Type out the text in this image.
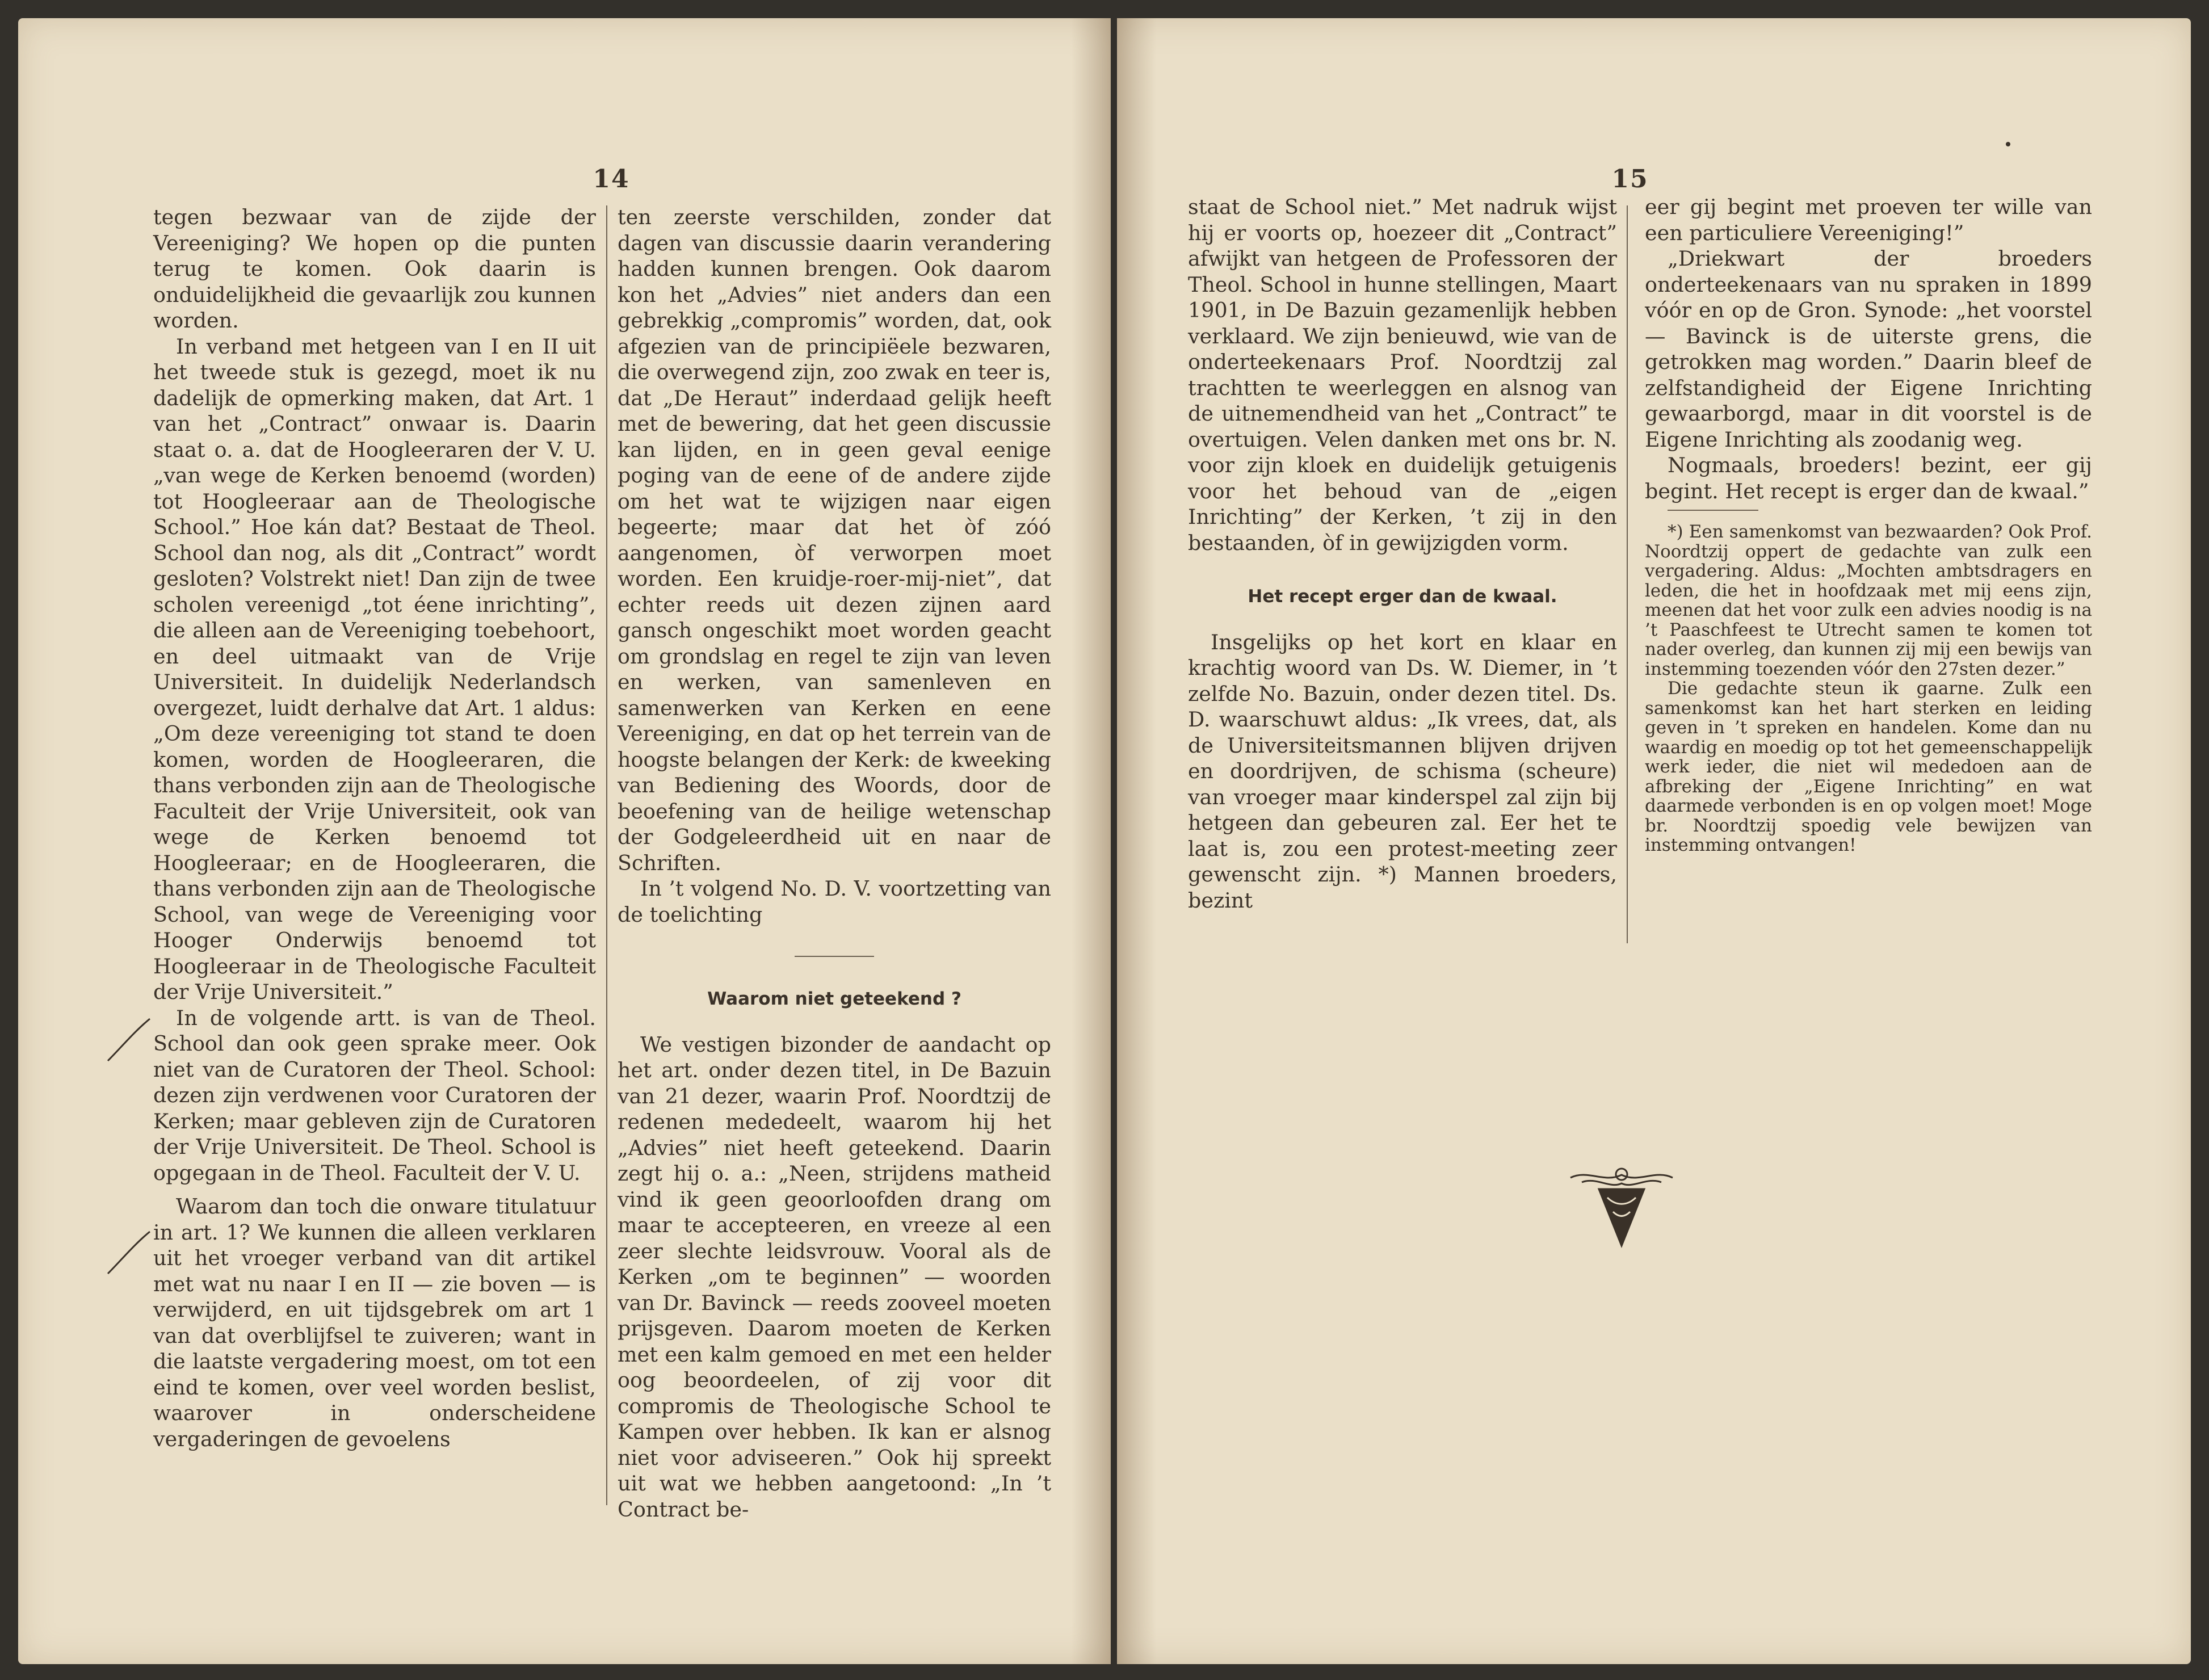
14

tegen bezwaar van de zijde der Vereeniging? We hopen op die punten terug te komen. Ook daarin is onduidelijkheid die gevaarlijk zou kunnen worden.

In verband met hetgeen van I en II uit het tweede stuk is gezegd, moet ik nu dadelijk de opmerking maken, dat Art. 1 van het „Contract” onwaar is. Daarin staat o. a. dat de Hoogleeraren der V. U. „van wege de Kerken benoemd (worden) tot Hoogleeraar aan de Theologische School.” Hoe kán dat? Bestaat de Theol. School dan nog, als dit „Contract” wordt gesloten? Volstrekt niet! Dan zijn de twee scholen vereenigd „tot éene inrichting”, die alleen aan de Vereeniging toebehoort, en deel uitmaakt van de Vrije Universiteit. In duidelijk Nederlandsch overgezet, luidt derhalve dat Art. 1 aldus: „Om deze vereeniging tot stand te doen komen, worden de Hoogleeraren, die thans verbonden zijn aan de Theologische Faculteit der Vrije Universiteit, ook van wege de Kerken benoemd tot Hoogleeraar; en de Hoogleeraren, die thans verbonden zijn aan de Theologische School, van wege de Vereeniging voor Hooger Onderwijs benoemd tot Hoogleeraar in de Theologische Faculteit der Vrije Universiteit.”

In de volgende artt. is van de Theol. School dan ook geen sprake meer. Ook niet van de Curatoren der Theol. School: dezen zijn verdwenen voor Curatoren der Kerken; maar gebleven zijn de Curatoren der Vrije Universiteit. De Theol. School is opgegaan in de Theol. Faculteit der V. U.

Waarom dan toch die onware titulatuur in art. 1? We kunnen die alleen verklaren uit het vroeger verband van dit artikel met wat nu naar I en II — zie boven — is verwijderd, en uit tijdsgebrek om art 1 van dat overblijfsel te zuiveren; want in die laatste vergadering moest, om tot een eind te komen, over veel worden beslist, waarover in onderscheidene vergaderingen de gevoelens

ten zeerste verschilden, zonder dat dagen van discussie daarin verandering hadden kunnen brengen. Ook daarom kon het „Advies” niet anders dan een gebrekkig „compromis” worden, dat, ook afgezien van de principiëele bezwaren, die overwegend zijn, zoo zwak en teer is, dat „De Heraut” inderdaad gelijk heeft met de bewering, dat het geen discussie kan lijden, en in geen geval eenige poging van de eene of de andere zijde om het wat te wijzigen naar eigen begeerte; maar dat het òf zóó aangenomen, òf verworpen moet worden. Een kruidje-roer-mij-niet”, dat echter reeds uit dezen zijnen aard gansch ongeschikt moet worden geacht om grondslag en regel te zijn van leven en werken, van samenleven en samenwerken van Kerken en eene Vereeniging, en dat op het terrein van de hoogste belangen der Kerk: de kweeking van Bediening des Woords, door de beoefening van de heilige wetenschap der Godgeleerdheid uit en naar de Schriften.

In ’t volgend No. D. V. voortzetting van de toelichting

Waarom niet geteekend ?

We vestigen bizonder de aandacht op het art. onder dezen titel, in De Bazuin van 21 dezer, waarin Prof. Noordtzij de redenen mededeelt, waarom hij het „Advies” niet heeft geteekend. Daarin zegt hij o. a.: „Neen, strijdens matheid vind ik geen geoorloofden drang om maar te accepteeren, en vreeze al een zeer slechte leidsvrouw. Vooral als de Kerken „om te beginnen” — woorden van Dr. Bavinck — reeds zooveel moeten prijsgeven. Daarom moeten de Kerken met een kalm gemoed en met een helder oog beoordeelen, of zij voor dit compromis de Theologische School te Kampen over hebben. Ik kan er alsnog niet voor adviseeren.” Ook hij spreekt uit wat we hebben aangetoond: „In ’t Contract be-

15

staat de School niet.” Met nadruk wijst hij er voorts op, hoezeer dit „Contract” afwijkt van hetgeen de Professoren der Theol. School in hunne stellingen, Maart 1901, in De Bazuin gezamenlijk hebben verklaard. We zijn benieuwd, wie van de onderteekenaars Prof. Noordtzij zal trachtten te weerleggen en alsnog van de uitnemendheid van het „Contract” te overtuigen. Velen danken met ons br. N. voor zijn kloek en duidelijk getuigenis voor het behoud van de „eigen Inrichting” der Kerken, ’t zij in den bestaanden, òf in gewijzigden vorm.

Het recept erger dan de kwaal.

Insgelijks op het kort en klaar en krachtig woord van Ds. W. Diemer, in ’t zelfde No. Bazuin, onder dezen titel. Ds. D. waarschuwt aldus: „Ik vrees, dat, als de Universiteitsmannen blijven drijven en doordrijven, de schisma (scheure) van vroeger maar kinderspel zal zijn bij hetgeen dan gebeuren zal. Eer het te laat is, zou een protest-meeting zeer gewenscht zijn. *) Mannen broeders, bezint

eer gij begint met proeven ter wille van een particuliere Vereeniging!”

„Driekwart der broeders onderteekenaars van nu spraken in 1899 vóór en op de Gron. Synode: „het voorstel— Bavinck is de uiterste grens, die getrokken mag worden.” Daarin bleef de zelfstandigheid der Eigene Inrichting gewaarborgd, maar in dit voorstel is de Eigene Inrichting als zoodanig weg.

Nogmaals, broeders! bezint, eer gij begint. Het recept is erger dan de kwaal.”

*) Een samenkomst van bezwaarden? Ook Prof. Noordtzij oppert de gedachte van zulk een vergadering. Aldus: „Mochten ambtsdragers en leden, die het in hoofdzaak met mij eens zijn, meenen dat het voor zulk een advies noodig is na ’t Paaschfeest te Utrecht samen te komen tot nader overleg, dan kunnen zij mij een bewijs van instemming toezenden vóór den 27sten dezer.”

Die gedachte steun ik gaarne. Zulk een samenkomst kan het hart sterken en leiding geven in ’t spreken en handelen. Kome dan nu waardig en moedig op tot het gemeenschappelijk werk ieder, die niet wil mededoen aan de afbreking der „Eigene Inrichting” en wat daarmede verbonden is en op volgen moet! Moge br. Noordtzij spoedig vele bewijzen van instemming ontvangen!
